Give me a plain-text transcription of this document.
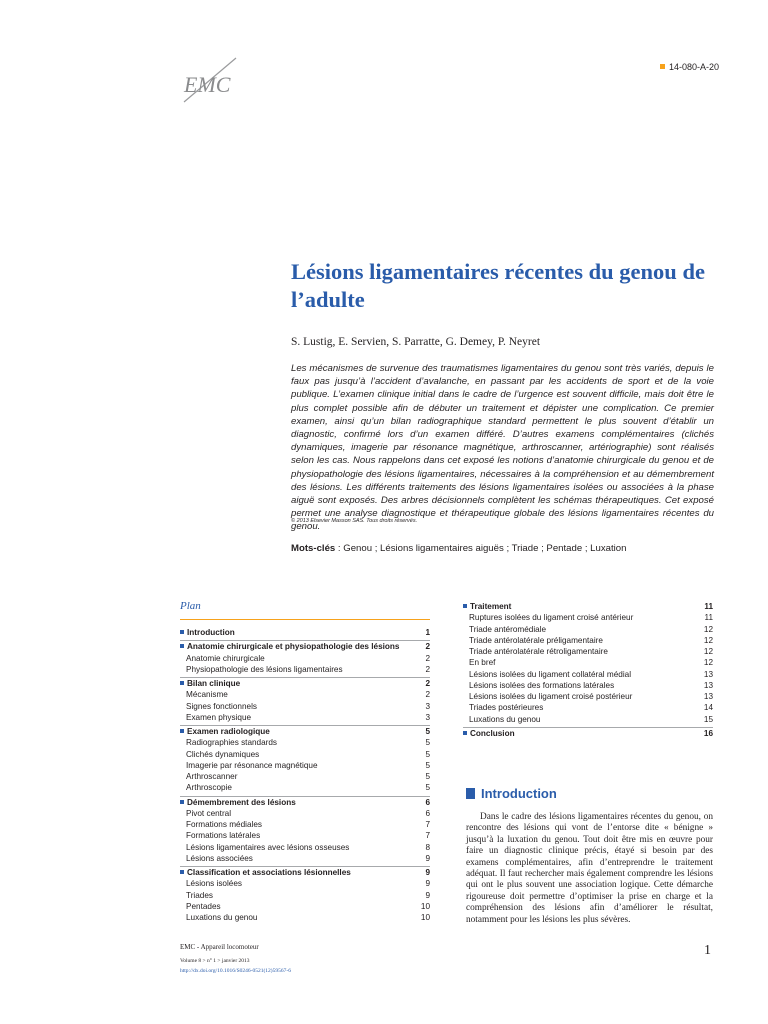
EMC
14-080-A-20
Lésions ligamentaires récentes du genou de l’adulte
S. Lustig, E. Servien, S. Parratte, G. Demey, P. Neyret

Les mécanismes de survenue des traumatismes ligamentaires du genou sont très variés, depuis le faux pas jusqu’à l’accident d’avalanche, en passant par les accidents de sport et de la voie publique. L’examen clinique initial dans le cadre de l’urgence est souvent difficile, mais doit être le plus complet possible afin de débuter un traitement et dépister une complication. Ce premier examen, ainsi qu’un bilan radiographique standard permettent le plus souvent d’établir un diagnostic, confirmé lors d’un examen différé. D’autres examens complémentaires (clichés dynamiques, imagerie par résonance magnétique, arthroscanner, artériographie) sont réalisés selon les cas. Nous rappelons dans cet exposé les notions d’anatomie chirurgicale du genou et de physiopathologie des lésions ligamentaires, nécessaires à la compréhension et au démembrement des lésions. Les différents traitements des lésions ligamentaires isolées ou associées à la phase aiguë sont exposés. Des arbres décisionnels complètent les schémas thérapeutiques. Cet exposé permet une analyse diagnostique et thérapeutique globale des lésions ligamentaires récentes du genou.

© 2013 Elsevier Masson SAS. Tous droits réservés.
Mots-clés : Genou ; Lésions ligamentaires aiguës ; Triade ; Pentade ; Luxation
Plan
Introduction	1
Anatomie chirurgicale et physiopathologie des lésions	2
Anatomie chirurgicale	2
Physiopathologie des lésions ligamentaires	2
Bilan clinique	2
Mécanisme	2
Signes fonctionnels	3
Examen physique	3
Examen radiologique	5
Radiographies standards	5
Clichés dynamiques	5
Imagerie par résonance magnétique	5
Arthroscanner	5
Arthroscopie	5
Démembrement des lésions	6
Pivot central	6
Formations médiales	7
Formations latérales	7
Lésions ligamentaires avec lésions osseuses	8
Lésions associées	9
Classification et associations lésionnelles	9
Lésions isolées	9
Triades	9
Pentades	10
Luxations du genou	10
Traitement	11
Ruptures isolées du ligament croisé antérieur	11
Triade antéromédiale	12
Triade antérolatérale préligamentaire	12
Triade antérolatérale rétroligamentaire	12
En bref	12
Lésions isolées du ligament collatéral médial	13
Lésions isolées des formations latérales	13
Lésions isolées du ligament croisé postérieur	13
Triades postérieures	14
Luxations du genou	15
Conclusion	16
Introduction

Dans le cadre des lésions ligamentaires récentes du genou, on rencontre des lésions qui vont de l’entorse dite « bénigne » jusqu’à la luxation du genou. Tout doit être mis en œuvre pour faire un diagnostic clinique précis, étayé si besoin par des examens complémentaires, afin d’entreprendre le traitement adéquat. Il faut rechercher mais également comprendre les lésions qui ont le plus souvent une association logique. Cette démarche rigoureuse doit permettre d’optimiser la prise en charge et la compréhension des lésions afin d’améliorer le résultat, notamment pour les lésions les plus sévères.

EMC - Appareil locomoteur
Volume 8 > n° 1 > janvier 2013
http://dx.doi.org/10.1016/S0246-0521(12)59567-6
1
